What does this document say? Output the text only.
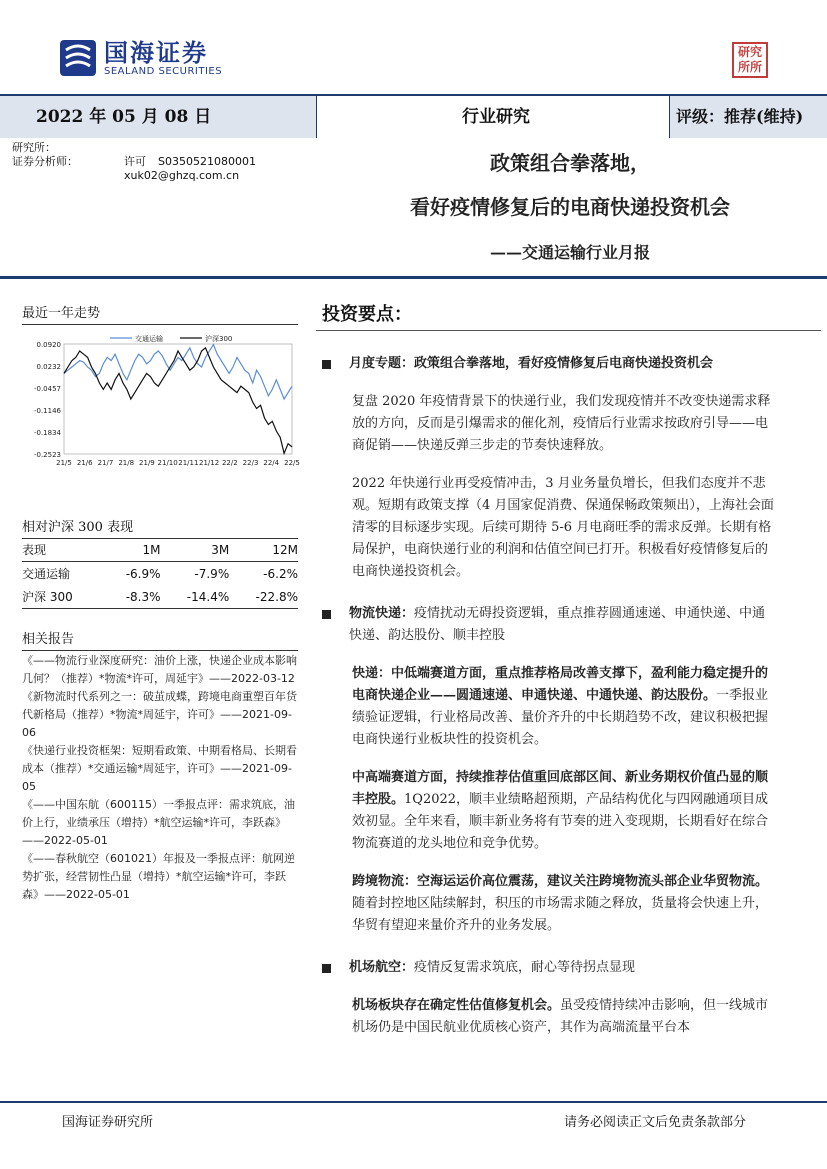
国海证券
SEALAND SECURITIES
研究
所所
2022 年 05 月 08 日	行业研究	评级：推荐(维持)
研究所：
证券分析师：	许可	S0350521080001
xuk02@ghzq.com.cn
政策组合拳落地，
看好疫情修复后的电商快递投资机会
——交通运输行业月报
最近一年走势
0.0920
0.0232
-0.0457
-0.1146
-0.1834
-0.2523
21/5 21/6 21/7 21/8 21/9 21/10 21/11 21/12 22/2 22/3 22/4 22/5
交通运输	沪深300
相对沪深 300 表现
表现	1M	3M	12M
交通运输	-6.9%	-7.9%	-6.2%
沪深 300	-8.3%	-14.4%	-22.8%
相关报告
《——物流行业深度研究：油价上涨，快递企业成本影响几何？（推荐）*物流*许可，周延宇》——2022-03-12
《新物流时代系列之一：破茧成蝶，跨境电商重塑百年货代新格局（推荐）*物流*周延宇，许可》——2021-09-06
《快递行业投资框架：短期看政策、中期看格局、长期看成本（推荐）*交通运输*周延宇，许可》——2021-09-05
《——中国东航（600115）一季报点评：需求筑底，油价上行，业绩承压（增持）*航空运输*许可，李跃森》——2022-05-01
《——春秋航空（601021）年报及一季报点评：航网逆势扩张，经营韧性凸显（增持）*航空运输*许可，李跃森》——2022-05-01
投资要点：
月度专题：政策组合拳落地，看好疫情修复后电商快递投资机会
复盘 2020 年疫情背景下的快递行业，我们发现疫情并不改变快递需求释放的方向，反而是引爆需求的催化剂，疫情后行业需求按政府引导——电商促销——快递反弹三步走的节奏快速释放。
2022 年快递行业再受疫情冲击，3 月业务量负增长，但我们态度并不悲观。短期有政策支撑（4 月国家促消费、保通保畅政策频出），上海社会面清零的目标逐步实现。后续可期待 5-6 月电商旺季的需求反弹。长期有格局保护，电商快递行业的利润和估值空间已打开。积极看好疫情修复后的电商快递投资机会。
物流快递：疫情扰动无碍投资逻辑，重点推荐圆通速递、申通快递、中通快递、韵达股份、顺丰控股
快递：中低端赛道方面，重点推荐格局改善支撑下，盈利能力稳定提升的电商快递企业——圆通速递、申通快递、中通快递、韵达股份。一季报业绩验证逻辑，行业格局改善、量价齐升的中长期趋势不改，建议积极把握电商快递行业板块性的投资机会。
中高端赛道方面，持续推荐估值重回底部区间、新业务期权价值凸显的顺丰控股。1Q2022，顺丰业绩略超预期，产品结构优化与四网融通项目成效初显。全年来看，顺丰新业务将有节奏的进入变现期，长期看好在综合物流赛道的龙头地位和竞争优势。
跨境物流：空海运运价高位震荡，建议关注跨境物流头部企业华贸物流。随着封控地区陆续解封，积压的市场需求随之释放，货量将会快速上升，华贸有望迎来量价齐升的业务发展。
机场航空：疫情反复需求筑底，耐心等待拐点显现
机场板块存在确定性估值修复机会。虽受疫情持续冲击影响，但一线城市机场仍是中国民航业优质核心资产，其作为高端流量平台本
国海证券研究所	请务必阅读正文后免责条款部分
